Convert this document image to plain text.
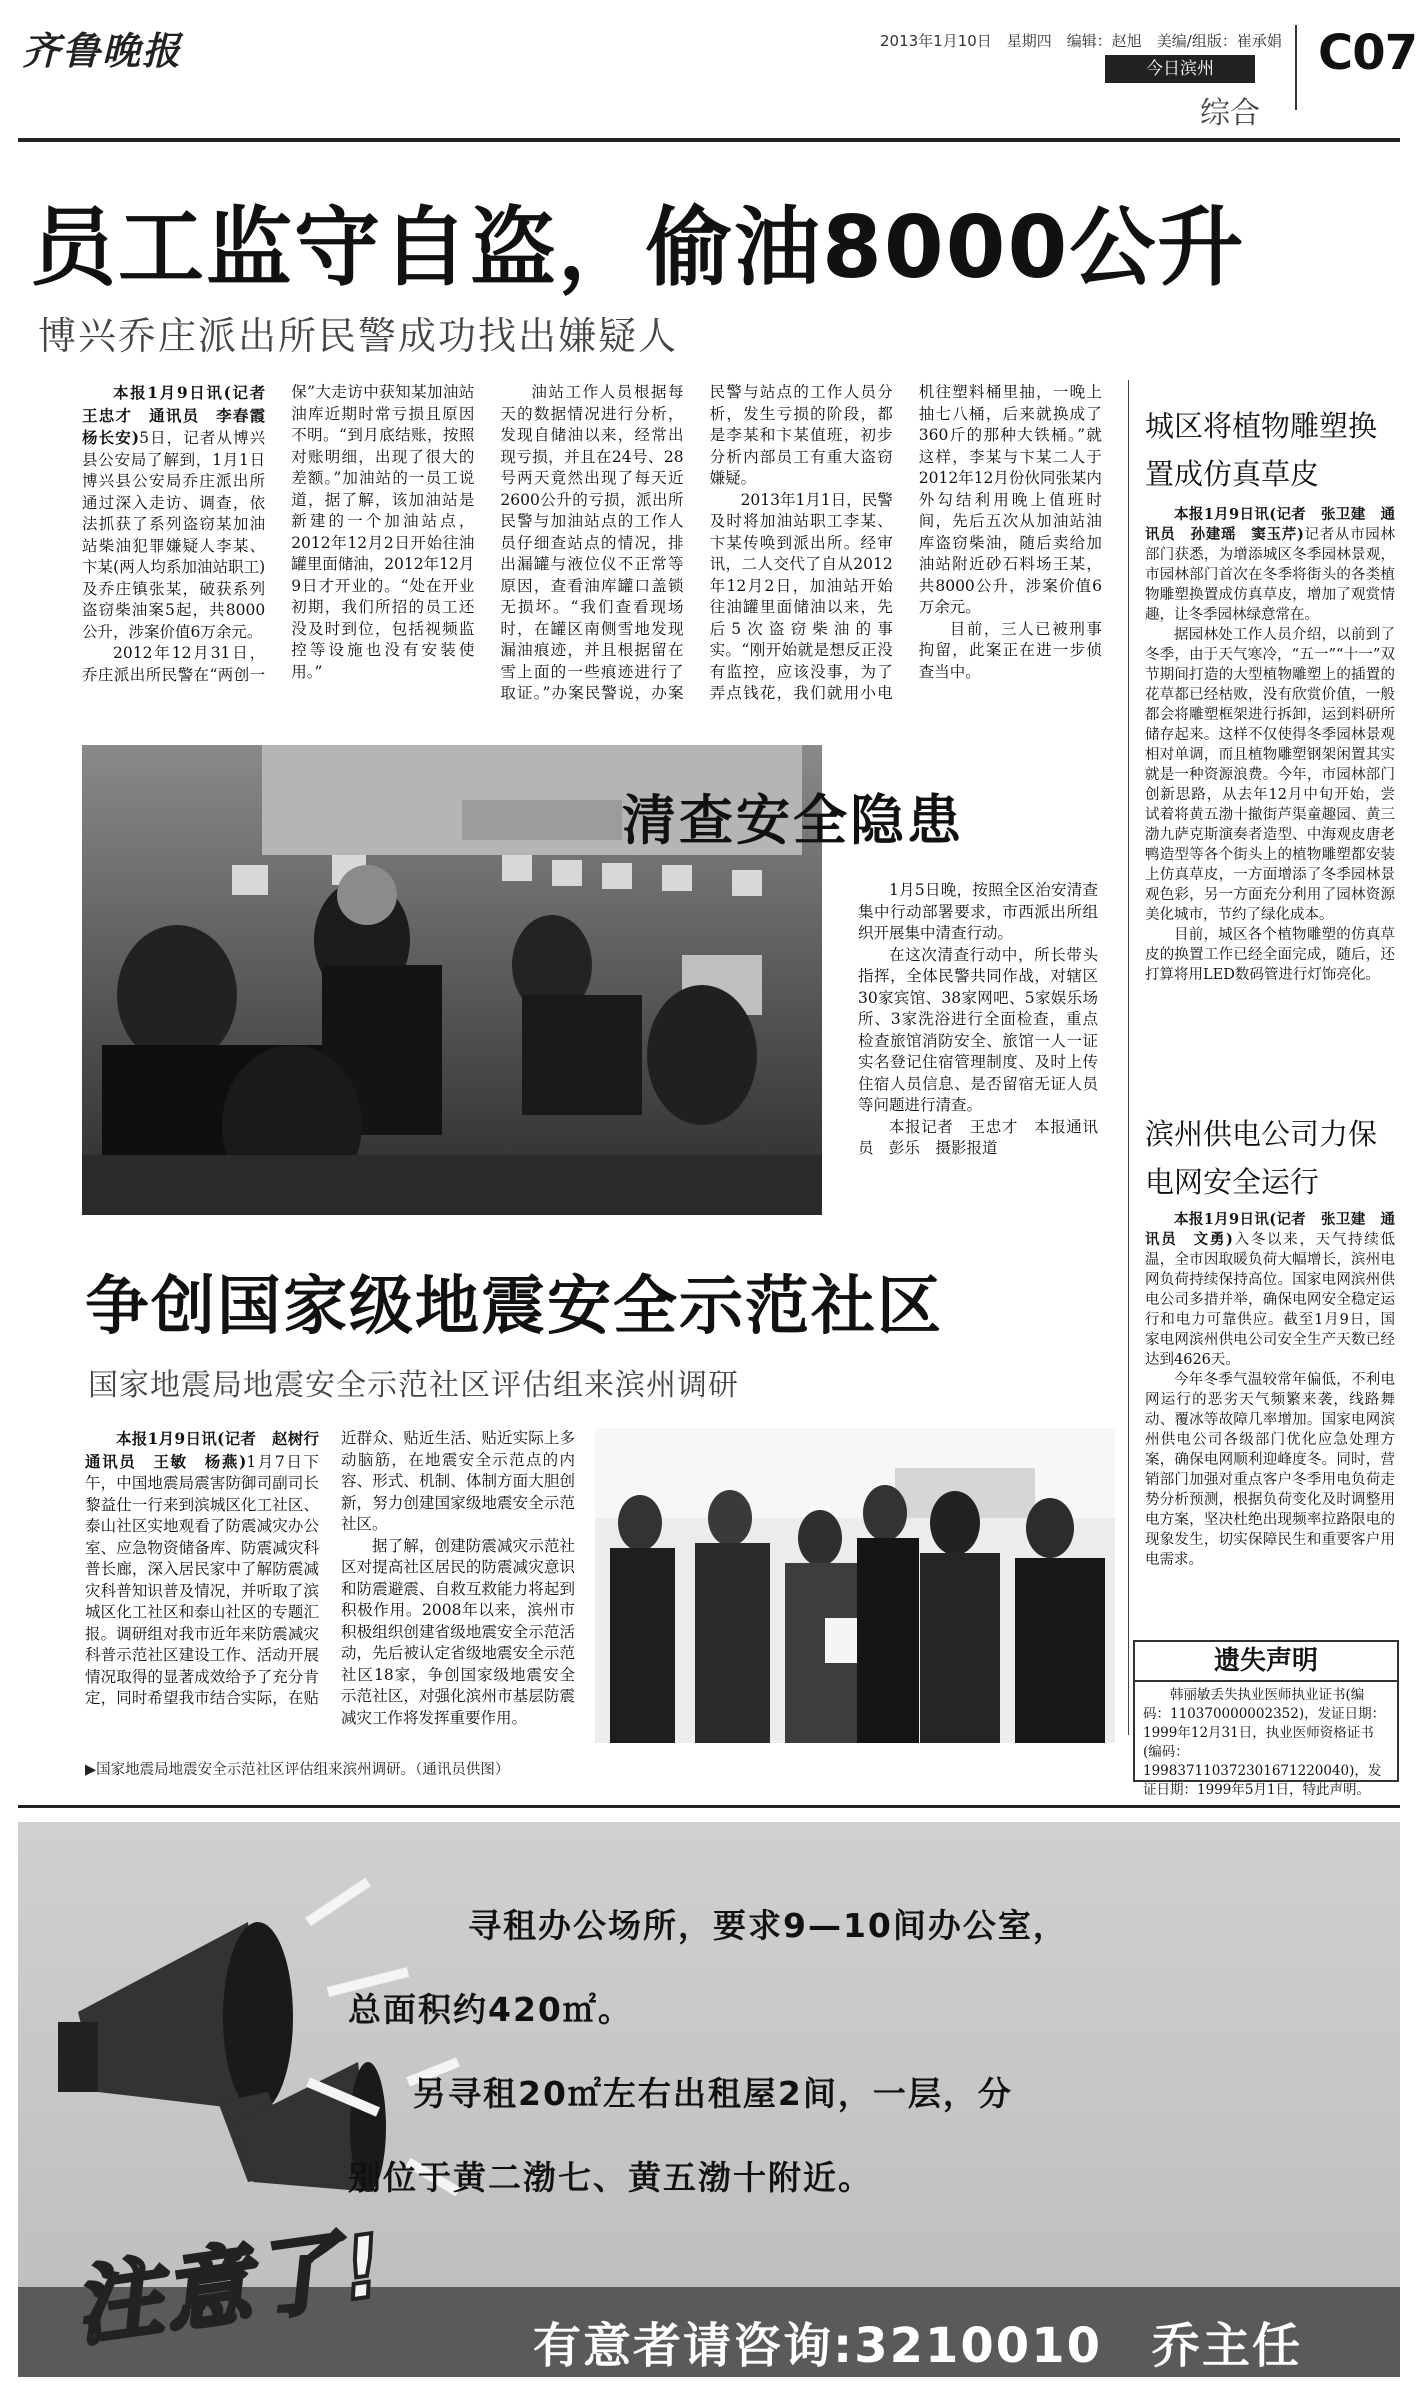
齐鲁晚报	2013年1月10日　星期四　编辑：赵旭　美编/组版：崔承娟
今日滨州
综合
C07
员工监守自盗，偷油8000公升
博兴乔庄派出所民警成功找出嫌疑人

本报1月9日讯(记者　王忠才　通讯员　李春霞　杨长安)5日，记者从博兴县公安局了解到，1月1日博兴县公安局乔庄派出所通过深入走访、调查，依法抓获了系列盗窃某加油站柴油犯罪嫌疑人李某、卞某(两人均系加油站职工)及乔庄镇张某，破获系列盗窃柴油案5起，共8000公升，涉案价值6万余元。

2012年12月31日，乔庄派出所民警在“两创一保”大走访中获知某加油站油库近期时常亏损且原因不明。“到月底结账，按照对账明细，出现了很大的差额。”加油站的一员工说道，据了解，该加油站是新建的一个加油站点，2012年12月2日开始往油罐里面储油，2012年12月9日才开业的。“处在开业初期，我们所招的员工还没及时到位，包括视频监控等设施也没有安装使用。”

油站工作人员根据每天的数据情况进行分析，发现自储油以来，经常出现亏损，并且在24号、28号两天竟然出现了每天近2600公升的亏损，派出所民警与加油站点的工作人员仔细查站点的情况，排出漏罐与液位仪不正常等原因，查看油库罐口盖锁无损坏。“我们查看现场时，在罐区南侧雪地发现漏油痕迹，并且根据留在雪上面的一些痕迹进行了取证。”办案民警说，办案民警与站点的工作人员分析，发生亏损的阶段，都是李某和卞某值班，初步分析内部员工有重大盗窃嫌疑。

2013年1月1日，民警及时将加油站职工李某、卞某传唤到派出所。经审讯，二人交代了自从2012年12月2日，加油站开始往油罐里面储油以来，先后5次盗窃柴油的事实。“刚开始就是想反正没有监控，应该没事，为了弄点钱花，我们就用小电机往塑料桶里抽，一晚上抽七八桶，后来就换成了360斤的那种大铁桶。”就这样，李某与卞某二人于2012年12月份伙同张某内外勾结利用晚上值班时间，先后五次从加油站油库盗窃柴油，随后卖给加油站附近砂石料场王某，共8000公升，涉案价值6万余元。

目前，三人已被刑事拘留，此案正在进一步侦查当中。

清查安全隐患

1月5日晚，按照全区治安清查集中行动部署要求，市西派出所组织开展集中清查行动。

在这次清查行动中，所长带头指挥，全体民警共同作战，对辖区30家宾馆、38家网吧、5家娱乐场所、3家洗浴进行全面检查，重点检查旅馆消防安全、旅馆一人一证实名登记住宿管理制度、及时上传住宿人员信息、是否留宿无证人员等问题进行清查。

本报记者　王忠才　本报通讯员　彭乐　摄影报道

城区将植物雕塑换置成仿真草皮

本报1月9日讯(记者　张卫建　通讯员　孙建瑶　窦玉芹)记者从市园林部门获悉，为增添城区冬季园林景观，市园林部门首次在冬季将街头的各类植物雕塑换置成仿真草皮，增加了观赏情趣，让冬季园林绿意常在。

据园林处工作人员介绍，以前到了冬季，由于天气寒冷，“五一”“十一”双节期间打造的大型植物雕塑上的插置的花草都已经枯败，没有欣赏价值，一般都会将雕塑框架进行拆卸，运到料研所储存起来。这样不仅使得冬季园林景观相对单调，而且植物雕塑钢架闲置其实就是一种资源浪费。今年，市园林部门创新思路，从去年12月中旬开始，尝试着将黄五渤十撤街芦渠童趣园、黄三渤九萨克斯演奏者造型、中海观皮唐老鸭造型等各个街头上的植物雕塑都安装上仿真草皮，一方面增添了冬季园林景观色彩，另一方面充分利用了园林资源美化城市，节约了绿化成本。

目前，城区各个植物雕塑的仿真草皮的换置工作已经全面完成，随后，还打算将用LED数码管进行灯饰亮化。

滨州供电公司力保电网安全运行

本报1月9日讯(记者　张卫建　通讯员　文勇)入冬以来，天气持续低温，全市因取暖负荷大幅增长，滨州电网负荷持续保持高位。国家电网滨州供电公司多措并举，确保电网安全稳定运行和电力可靠供应。截至1月9日，国家电网滨州供电公司安全生产天数已经达到4626天。

今年冬季气温较常年偏低，不利电网运行的恶劣天气频繁来袭，线路舞动、覆冰等故障几率增加。国家电网滨州供电公司各级部门优化应急处理方案，确保电网顺利迎峰度冬。同时，营销部门加强对重点客户冬季用电负荷走势分析预测，根据负荷变化及时调整用电方案，坚决杜绝出现频率拉路限电的现象发生，切实保障民生和重要客户用电需求。

遗失声明
韩丽敏丢失执业医师执业证书(编码：110370000002352)，发证日期：1999年12月31日，执业医师资格证书(编码：199837110372301671220040)，发证日期：1999年5月1日，特此声明。
争创国家级地震安全示范社区
国家地震局地震安全示范社区评估组来滨州调研

本报1月9日讯(记者　赵树行　通讯员　王敏　杨燕)1月7日下午，中国地震局震害防御司副司长黎益仕一行来到滨城区化工社区、泰山社区实地观看了防震减灾办公室、应急物资储备库、防震减灾科普长廊，深入居民家中了解防震减灾科普知识普及情况，并听取了滨城区化工社区和泰山社区的专题汇报。调研组对我市近年来防震减灾科普示范社区建设工作、活动开展情况取得的显著成效给予了充分肯定，同时希望我市结合实际，在贴近群众、贴近生活、贴近实际上多动脑筋，在地震安全示范点的内容、形式、机制、体制方面大胆创新，努力创建国家级地震安全示范社区。

据了解，创建防震减灾示范社区对提高社区居民的防震减灾意识和防震避震、自救互救能力将起到积极作用。2008年以来，滨州市积极组织创建省级地震安全示范活动，先后被认定省级地震安全示范社区18家，争创国家级地震安全示范社区，对强化滨州市基层防震减灾工作将发挥重要作用。

▶国家地震局地震安全示范社区评估组来滨州调研。（通讯员供图）
寻租办公场所，要求9—10间办公室，
总面积约420㎡。
另寻租20㎡左右出租屋2间，一层，分
别位于黄二渤七、黄五渤十附近。
注意了!	有意者请咨询:3210010　乔主任
